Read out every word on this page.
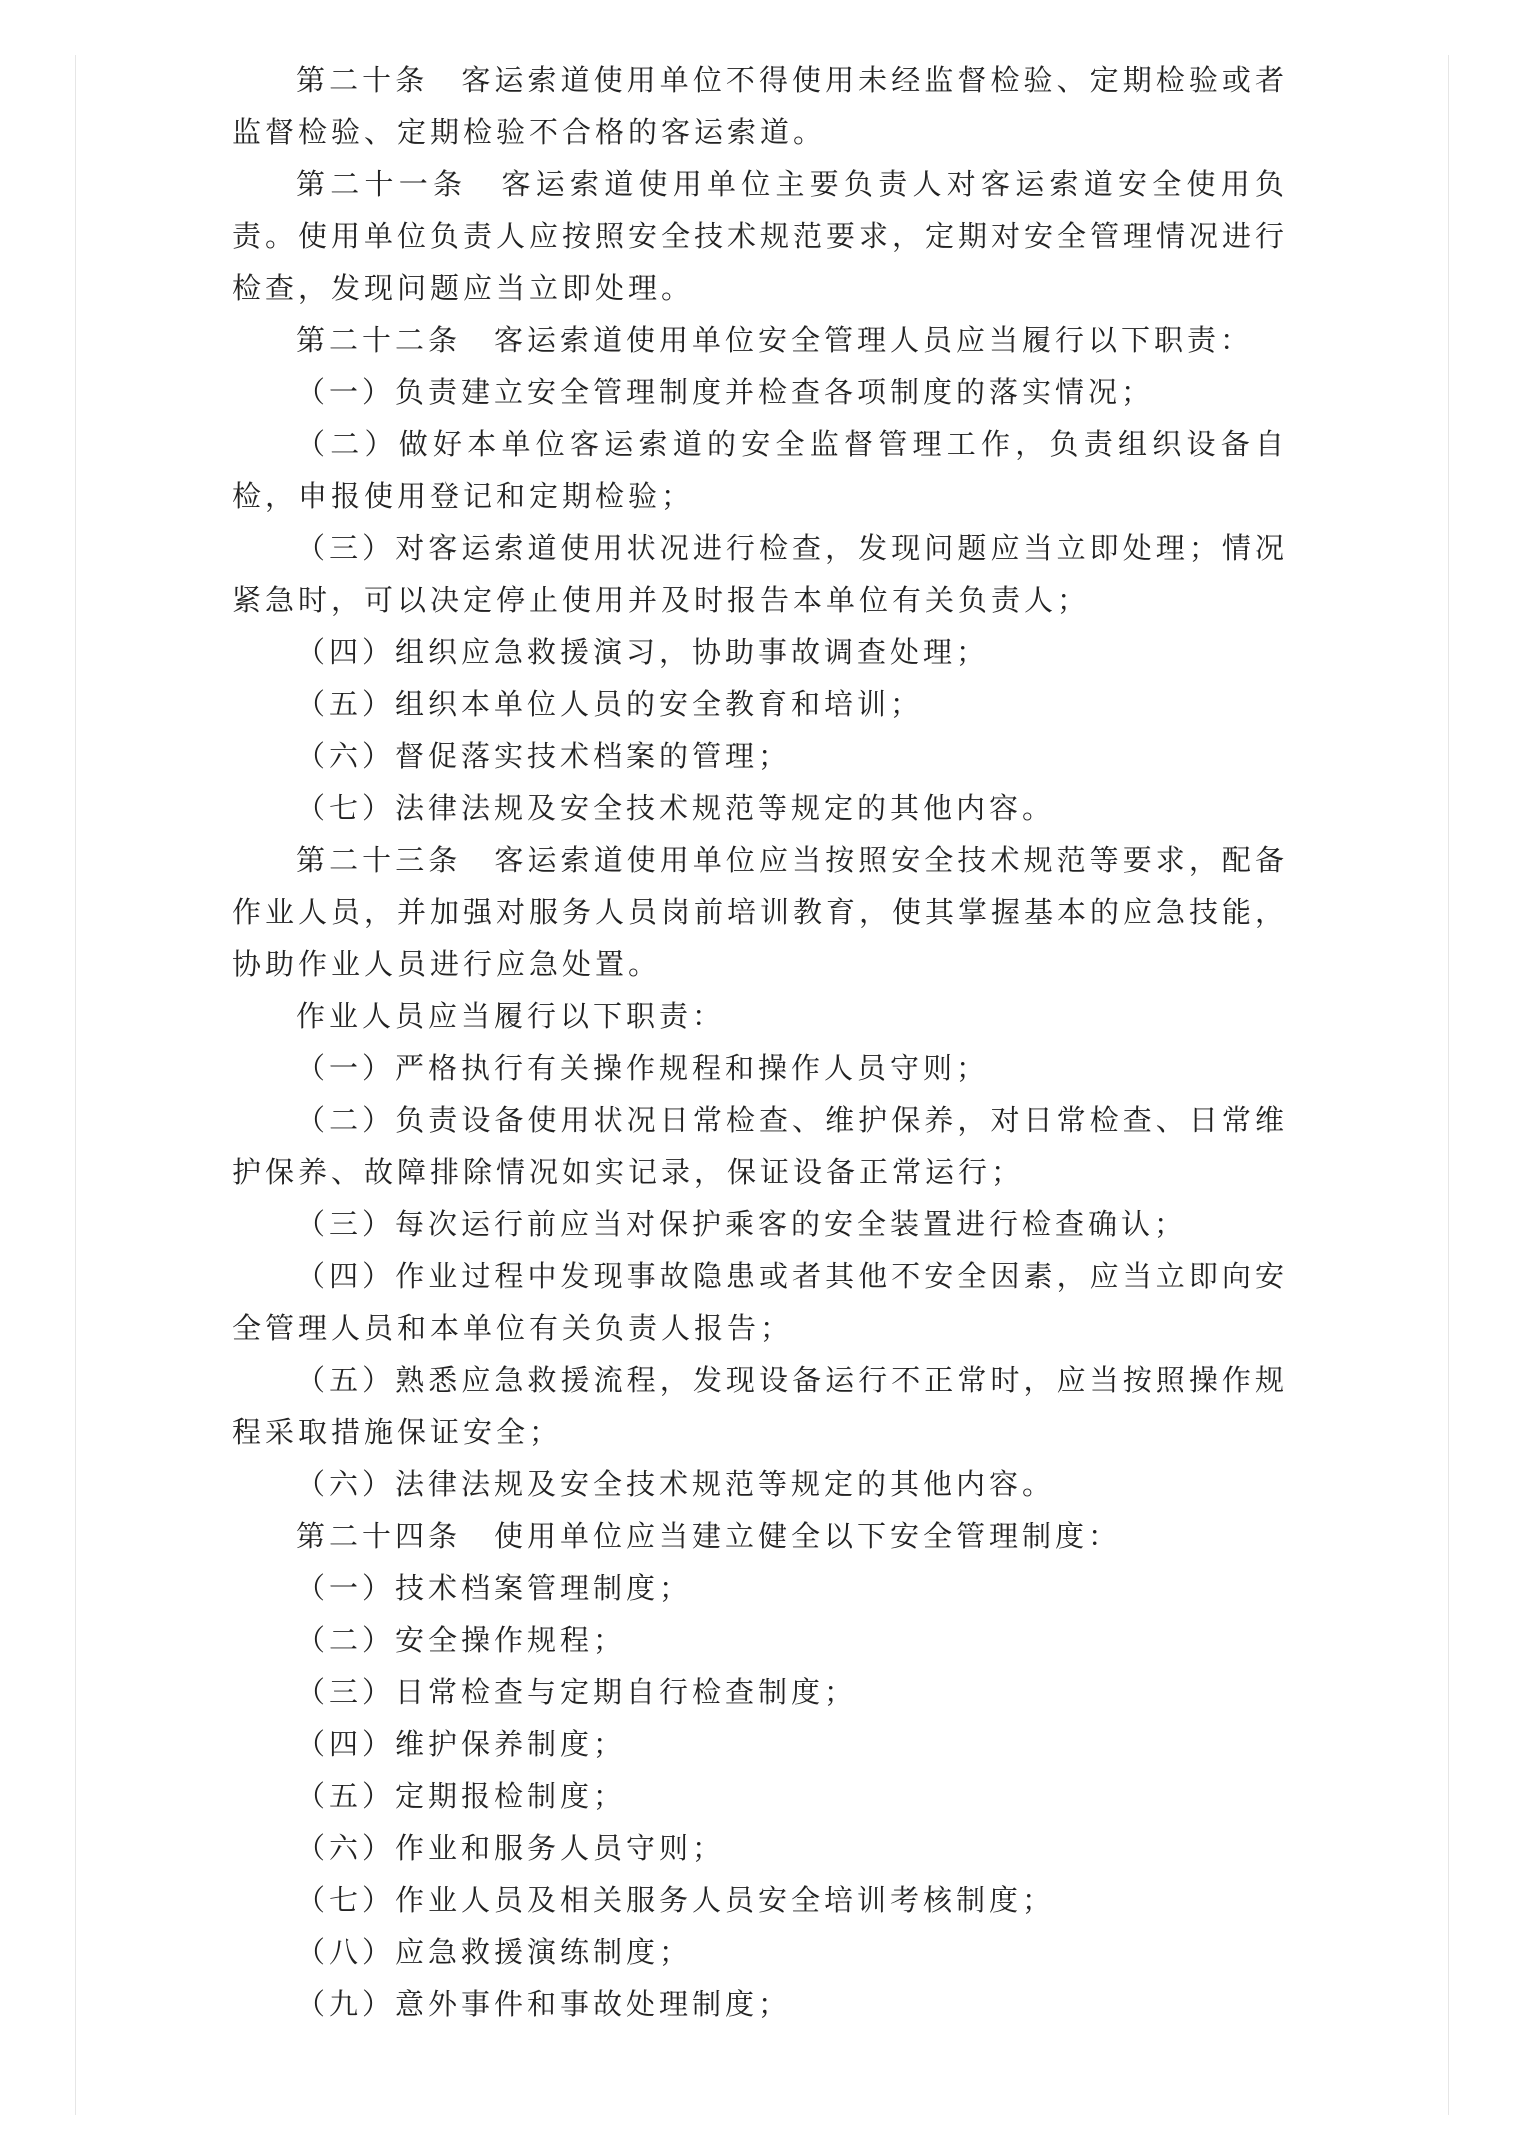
第二十条　客运索道使用单位不得使用未经监督检验、定期检验或者监督检验、定期检验不合格的客运索道。

第二十一条　客运索道使用单位主要负责人对客运索道安全使用负责。使用单位负责人应按照安全技术规范要求，定期对安全管理情况进行检查，发现问题应当立即处理。

第二十二条　客运索道使用单位安全管理人员应当履行以下职责：

（一）负责建立安全管理制度并检查各项制度的落实情况；

（二）做好本单位客运索道的安全监督管理工作，负责组织设备自检，申报使用登记和定期检验；

（三）对客运索道使用状况进行检查，发现问题应当立即处理；情况紧急时，可以决定停止使用并及时报告本单位有关负责人；

（四）组织应急救援演习，协助事故调查处理；

（五）组织本单位人员的安全教育和培训；

（六）督促落实技术档案的管理；

（七）法律法规及安全技术规范等规定的其他内容。

第二十三条　客运索道使用单位应当按照安全技术规范等要求，配备作业人员，并加强对服务人员岗前培训教育，使其掌握基本的应急技能，协助作业人员进行应急处置。

作业人员应当履行以下职责：

（一）严格执行有关操作规程和操作人员守则；

（二）负责设备使用状况日常检查、维护保养，对日常检查、日常维护保养、故障排除情况如实记录，保证设备正常运行；

（三）每次运行前应当对保护乘客的安全装置进行检查确认；

（四）作业过程中发现事故隐患或者其他不安全因素，应当立即向安全管理人员和本单位有关负责人报告；

（五）熟悉应急救援流程，发现设备运行不正常时，应当按照操作规程采取措施保证安全；

（六）法律法规及安全技术规范等规定的其他内容。

第二十四条　使用单位应当建立健全以下安全管理制度：

（一）技术档案管理制度；

（二）安全操作规程；

（三）日常检查与定期自行检查制度；

（四）维护保养制度；

（五）定期报检制度；

（六）作业和服务人员守则；

（七）作业人员及相关服务人员安全培训考核制度；

（八）应急救援演练制度；

（九）意外事件和事故处理制度；
